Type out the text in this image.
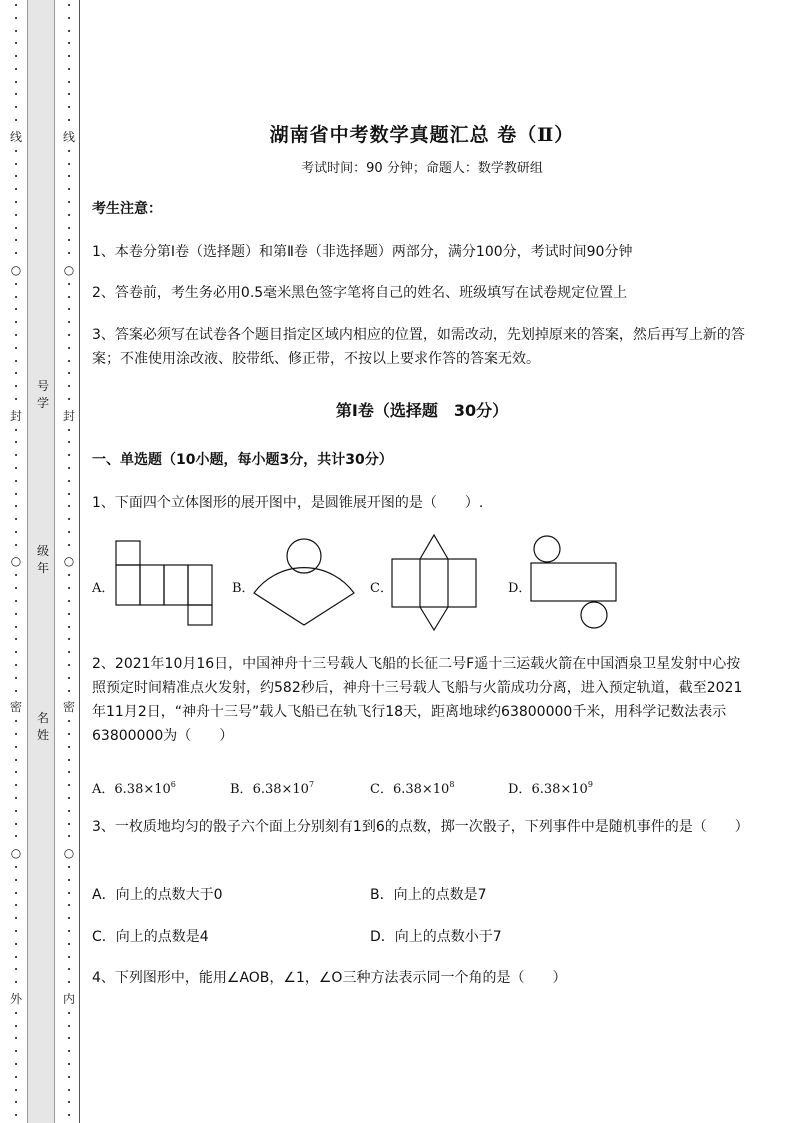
·
·
·
·
·
·
·
·
·
·
线
·
·
·
·
·
·
·
·
·
○
·
·
·
·
·
·
·
·
·
·
封
·
·
·
·
·
·
·
·
·
·
○
·
·
·
·
·
·
·
·
·
·
密
·
·
·
·
·
·
·
·
·
·
○
·
·
·
·
·
·
·
·
·
·
外
·
·
·
·
·
·
·
·
·
·
·
·
·
·
·
·
·
·
·
线
·
·
·
·
·
·
·
·
·
○
·
·
·
·
·
·
·
·
·
·
封
·
·
·
·
·
·
·
·
·
·
○
·
·
·
·
·
·
·
·
·
·
密
·
·
·
·
·
·
·
·
·
·
○
·
·
·
·
·
·
·
·
·
·
内
·
·
·
·
·
·
·
·
·
号学
级年
名姓
湖南省中考数学真题汇总 卷（Ⅱ）
考试时间：90 分钟；命题人：数学教研组
考生注意：
1、本卷分第Ⅰ卷（选择题）和第Ⅱ卷（非选择题）两部分，满分100分，考试时间90分钟
2、答卷前，考生务必用0.5毫米黑色签字笔将自己的姓名、班级填写在试卷规定位置上
3、答案必须写在试卷各个题目指定区域内相应的位置，如需改动，先划掉原来的答案，然后再写上新的答案；不准使用涂改液、胶带纸、修正带，不按以上要求作答的答案无效。
第Ⅰ卷（选择题　30分）
一、单选题（10小题，每小题3分，共计30分）
1、下面四个立体图形的展开图中，是圆锥展开图的是（　　）.
A．	B．	C．	D．
2、2021年10月16日，中国神舟十三号载人飞船的长征二号F遥十三运载火箭在中国酒泉卫星发射中心按照预定时间精准点火发射，约582秒后，神舟十三号载人飞船与火箭成功分离，进入预定轨道，截至2021年11月2日，“神舟十三号”载人飞船已在轨飞行18天，距离地球约63800000千米，用科学记数法表示63800000为（　　）
A．$6.38\times 10^6$	B．$6.38\times 10^7$	C．$6.38\times 10^8$	D．$6.38\times 10^9$
3、一枚质地均匀的骰子六个面上分别刻有1到6的点数，掷一次骰子，下列事件中是随机事件的是（　　）
A．向上的点数大于0	B．向上的点数是7
C．向上的点数是4	D．向上的点数小于7
4、下列图形中，能用∠AOB，∠1，∠O三种方法表示同一个角的是（　　）
